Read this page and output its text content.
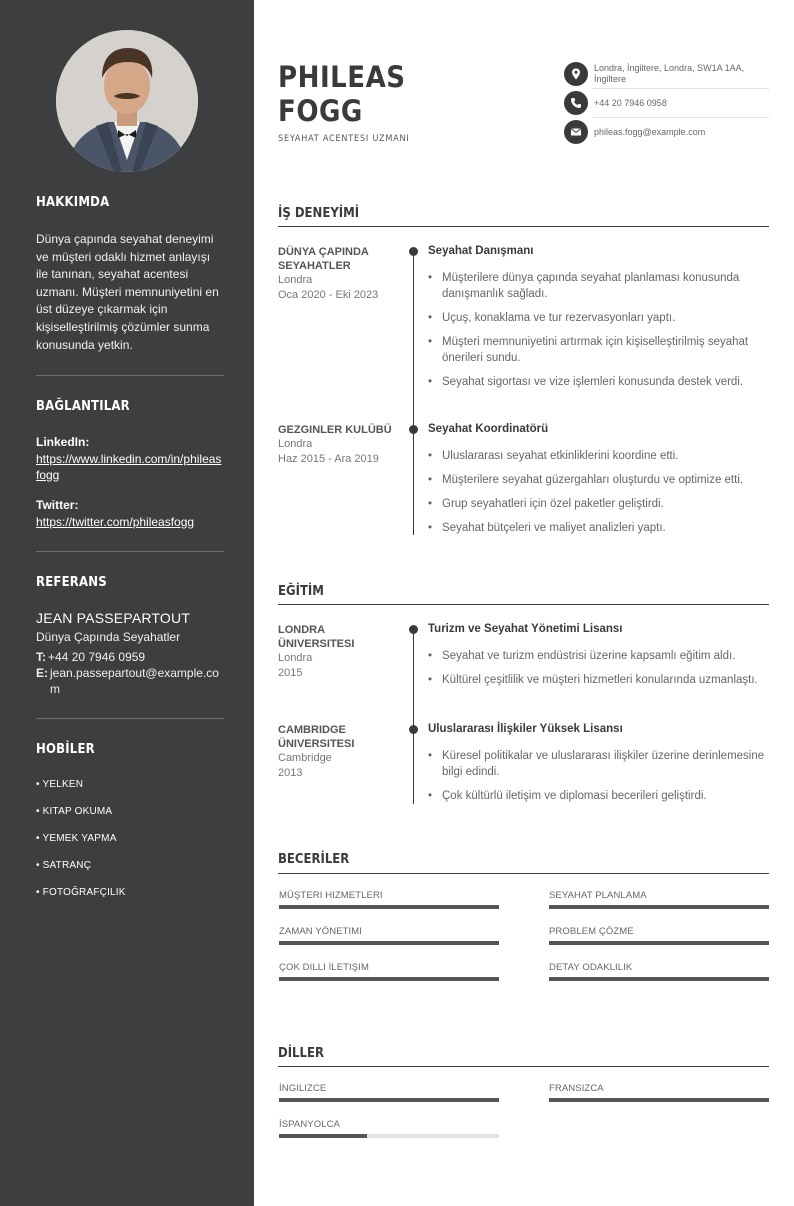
HAKKIMDA

Dünya çapında seyahat deneyimi ve müşteri odaklı hizmet anlayışı ile tanınan, seyahat acentesi uzmanı. Müşteri memnuniyetini en üst düzeye çıkarmak için kişiselleştirilmiş çözümler sunma konusunda yetkin.

BAĞLANTILAR
LinkedIn:
https://www.linkedin.com/in/phileasfogg
Twitter:
https://twitter.com/phileasfogg
REFERANS
JEAN PASSEPARTOUT
Dünya Çapında Seyahatler
T: +44 20 7946 0959
E: jean.passepartout@example.com
HOBİLER
• YELKEN
• KITAP OKUMA
• YEMEK YAPMA
• SATRANÇ
• FOTOĞRAFÇILIK
PHILEAS
FOGG
SEYAHAT ACENTESI UZMANI
Londra, İngiltere, Londra, SW1A 1AA,
İngiltere
+44 20 7946 0958
phileas.fogg@example.com
İŞ DENEYİMİ
DÜNYA ÇAPINDA SEYAHATLER
Londra
Oca 2020 - Eki 2023
Seyahat Danışmanı
• Müşterilere dünya çapında seyahat planlaması konusunda danışmanlık sağladı.
• Uçuş, konaklama ve tur rezervasyonları yaptı.
• Müşteri memnuniyetini artırmak için kişiselleştirilmiş seyahat önerileri sundu.
• Seyahat sigortası ve vize işlemleri konusunda destek verdi.
GEZGINLER KULÜBÜ
Londra
Haz 2015 - Ara 2019
Seyahat Koordinatörü
• Uluslararası seyahat etkinliklerini koordine etti.
• Müşterilere seyahat güzergahları oluşturdu ve optimize etti.
• Grup seyahatleri için özel paketler geliştirdi.
• Seyahat bütçeleri ve maliyet analizleri yaptı.
EĞİTİM
LONDRA ÜNIVERSITESI
Londra
2015
Turizm ve Seyahat Yönetimi Lisansı
• Seyahat ve turizm endüstrisi üzerine kapsamlı eğitim aldı.
• Kültürel çeşitlilik ve müşteri hizmetleri konularında uzmanlaştı.
CAMBRIDGE ÜNIVERSITESI
Cambridge
2013
Uluslararası İlişkiler Yüksek Lisansı
• Küresel politikalar ve uluslararası ilişkiler üzerine derinlemesine bilgi edindi.
• Çok kültürlü iletişim ve diplomasi becerileri geliştirdi.
BECERİLER
MÜŞTERI HIZMETLERI	SEYAHAT PLANLAMA
ZAMAN YÖNETIMI	PROBLEM ÇÖZME
ÇOK DILLI İLETIŞIM	DETAY ODAKLILIK
DİLLER
İNGILIZCE	FRANSIZCA
İSPANYOLCA
